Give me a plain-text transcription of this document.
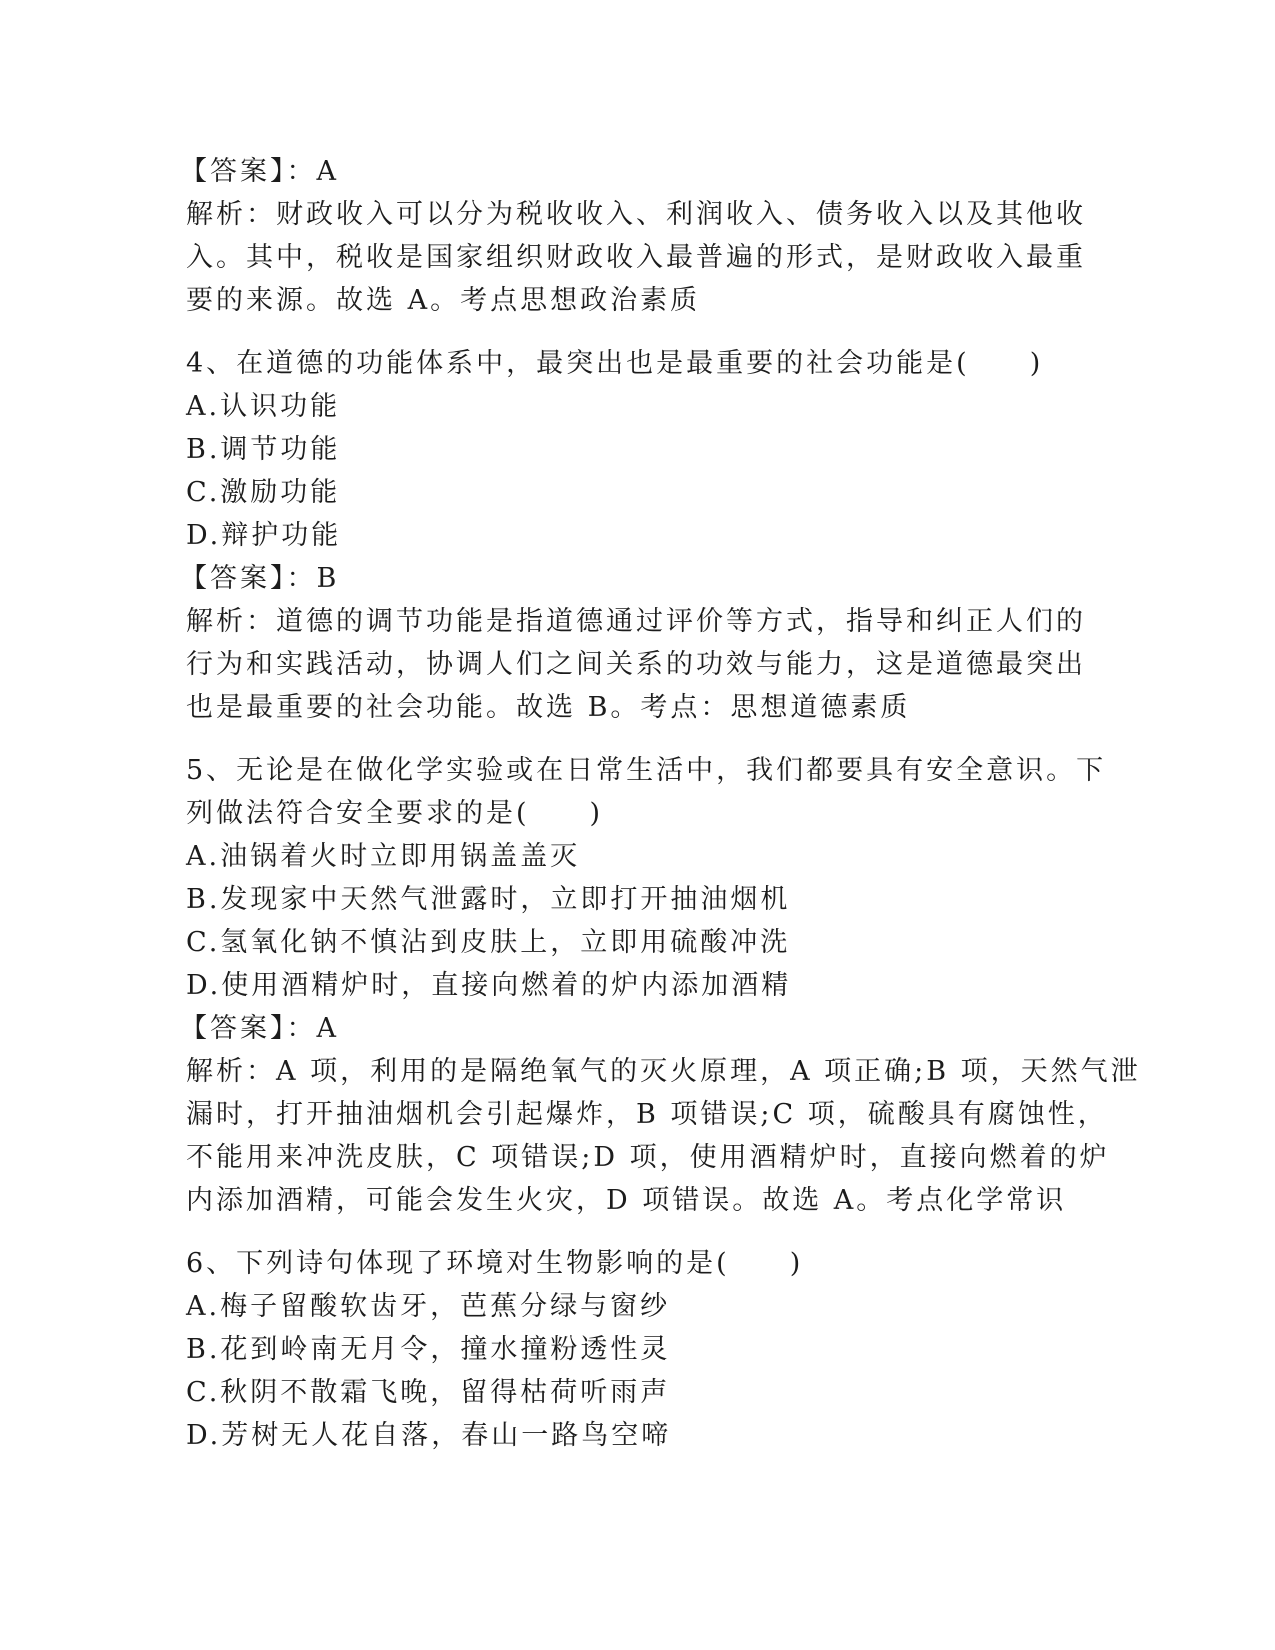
【答案】：A
解析：财政收入可以分为税收收入、利润收入、债务收入以及其他收
入。其中，税收是国家组织财政收入最普遍的形式，是财政收入最重
要的来源。故选 A。考点思想政治素质
4、在道德的功能体系中，最突出也是最重要的社会功能是(　　)
A.认识功能
B.调节功能
C.激励功能
D.辩护功能
【答案】：B
解析：道德的调节功能是指道德通过评价等方式，指导和纠正人们的
行为和实践活动，协调人们之间关系的功效与能力，这是道德最突出
也是最重要的社会功能。故选 B。考点：思想道德素质
5、无论是在做化学实验或在日常生活中，我们都要具有安全意识。下
列做法符合安全要求的是(　　)
A.油锅着火时立即用锅盖盖灭
B.发现家中天然气泄露时，立即打开抽油烟机
C.氢氧化钠不慎沾到皮肤上，立即用硫酸冲洗
D.使用酒精炉时，直接向燃着的炉内添加酒精
【答案】：A
解析：A 项，利用的是隔绝氧气的灭火原理，A 项正确;B 项，天然气泄
漏时，打开抽油烟机会引起爆炸，B 项错误;C 项，硫酸具有腐蚀性，
不能用来冲洗皮肤，C 项错误;D 项，使用酒精炉时，直接向燃着的炉
内添加酒精，可能会发生火灾，D 项错误。故选 A。考点化学常识
6、下列诗句体现了环境对生物影响的是(　　)
A.梅子留酸软齿牙，芭蕉分绿与窗纱
B.花到岭南无月令，撞水撞粉透性灵
C.秋阴不散霜飞晚，留得枯荷听雨声
D.芳树无人花自落，春山一路鸟空啼
